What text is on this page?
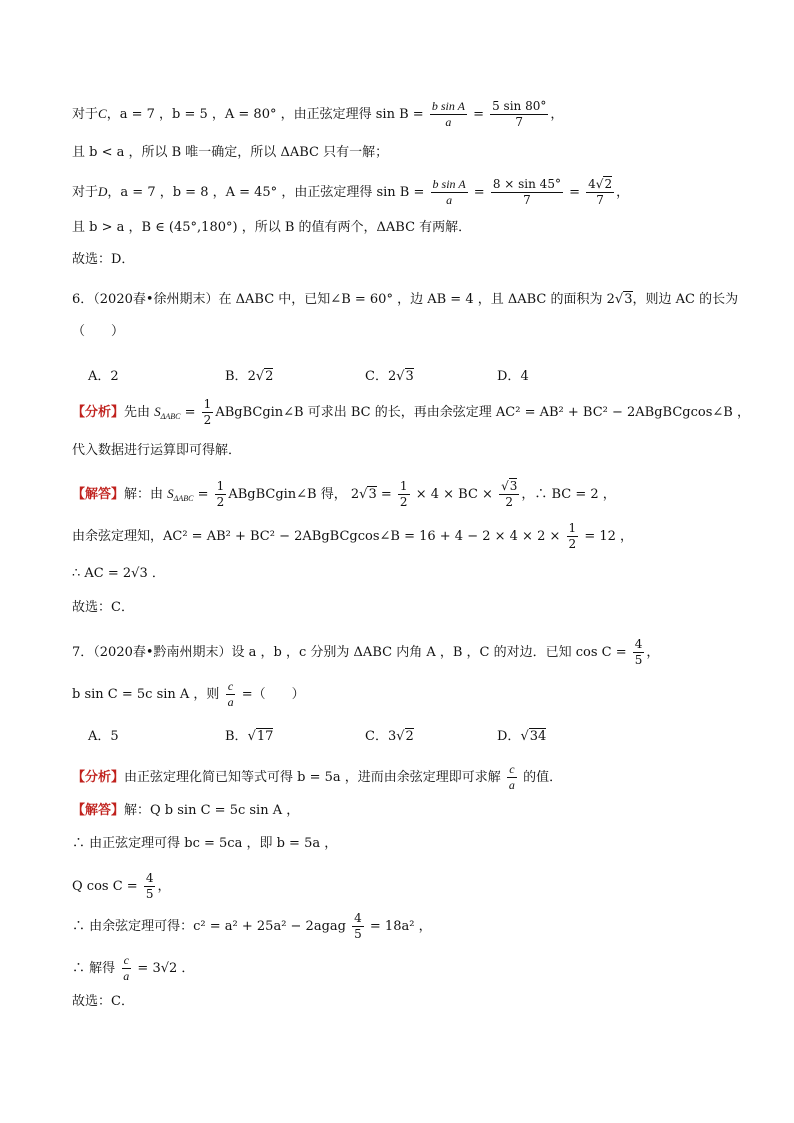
对于C，a = 7 ，b = 5 ，A = 80° ，由正弦定理得 $\sin B = \frac{\text{b sin A}}{a} = \frac{5 \sin 80^\circ}{7}$ ，
且 b < a ，所以 B 唯一确定，所以 ΔABC 只有一解；
对于D，a = 7 ，b = 8 ，A = 45° ，由正弦定理得 $\sin B = \frac{\text{b sin A}}{a} = \frac{8 \times \sin 45^\circ}{7} = \frac{4√2}{7}$ ，
且 b > a ，B ∈ (45°,180°) ，所以 B 的值有两个，ΔABC 有两解．
故选：D．
6．（2020春•徐州期末）在 ΔABC 中，已知∠B = 60° ，边 AB = 4 ，且 ΔABC 的面积为 2√3，则边 AC 的长为
（　　）
A．2	B．2√2	C．2√3	D．4
【分析】先由 $S_{\Delta ABC} = \frac{1}{2}$ ABgBCgin∠B 可求出 BC 的长，再由余弦定理 AC² = AB² + BC² − 2ABgBCgcos∠B ，
代入数据进行运算即可得解．
【解答】解：由 $S_{\Delta ABC} = \frac{1}{2}$ ABgBCgin∠B 得， $2√3 = \frac{1}{2} \times 4$ × BC × $\frac{√3}{2}$ ，∴ BC = 2 ，
由余弦定理知，AC² = AB² + BC² − 2ABgBCgcos∠B = $16 + 4 - 2 \times 4 \times 2 \times \frac{1}{2} = 12$ ，
∴ AC = 2√3 ．
故选：C．
7．（2020春•黔南州期末）设 a ，b ，c 分别为 ΔABC 内角 A ，B ，C 的对边．已知 $\cos C = \frac{4}{5}$ ，
b sin C = 5c sin A ，则 $\frac{c}{a}$ =（　　）
A．5	B．√17	C．3√2	D．√34
【分析】由正弦定理化简已知等式可得 b = 5a ，进而由余弦定理即可求解 $\frac{c}{a}$ 的值．
【解答】解：Q b sin C = 5c sin A ，
∴ 由正弦定理可得 bc = 5ca ，即 b = 5a ，
Q $\cos C = \frac{4}{5}$ ，
∴ 由余弦定理可得：c² = a² + 25a² − 2agag $\frac{4}{5} = 18a^2$ ，
∴ 解得 $\frac{c}{a} = 3√2$ ．
故选：C．
